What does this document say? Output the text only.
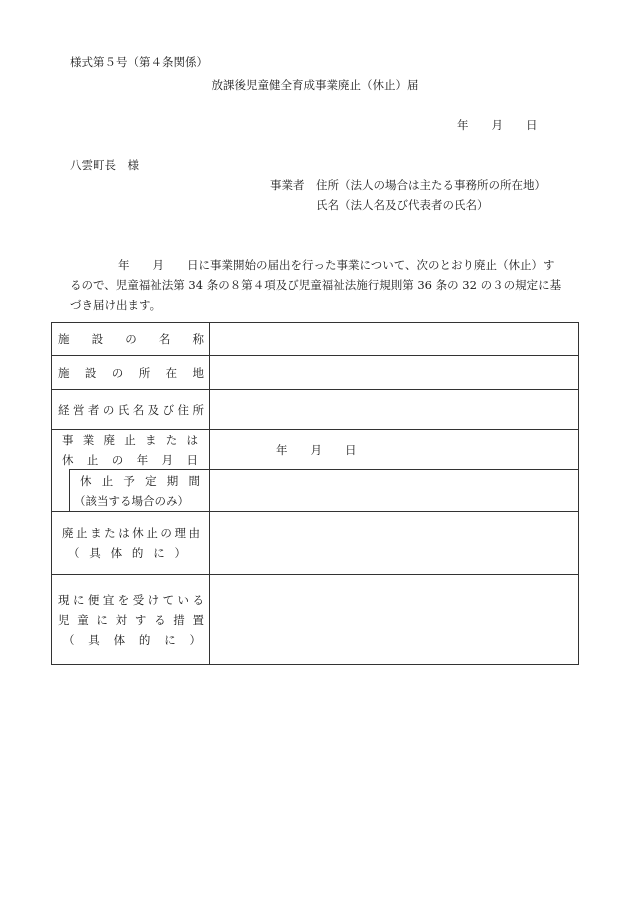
様式第５号（第４条関係）
放課後児童健全育成事業廃止（休止）届
年　　月　　日
八雲町長　様
事業者　住所（法人の場合は主たる事務所の所在地）
氏名（法人名及び代表者の氏名）
年　　月　　日に事業開始の届出を行った事業について、次のとおり廃止（休止）す
るので、児童福祉法第 34 条の８第４項及び児童福祉法施行規則第 36 条の 32 の３の規定に基
づき届け出ます。
施設の名称
施設の所在地
経営者の氏名及び住所
事業廃止または
休止の年月日
年　　月　　日
休止予定期間
（該当する場合のみ）
廃止または休止の理由
（具体的に）
現に便宜を受けている
児童に対する措置
（具体的に）
